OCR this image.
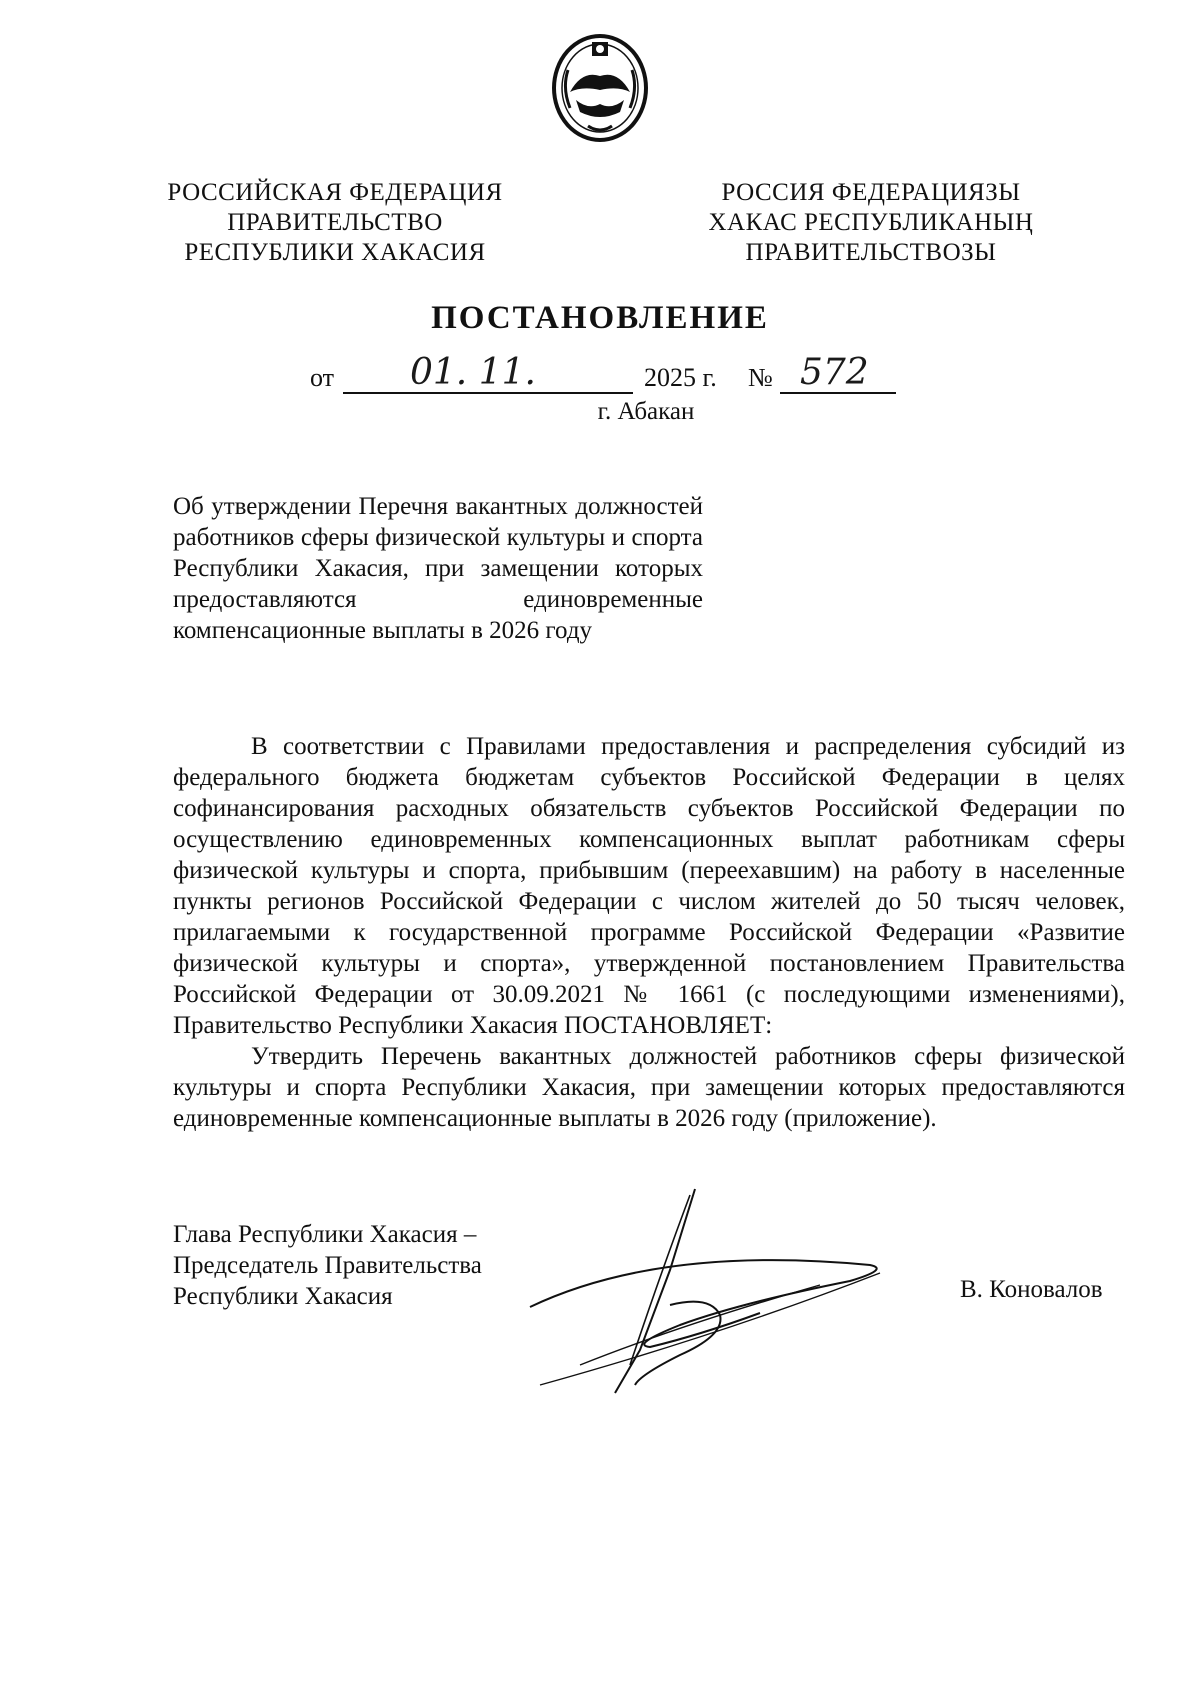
РОССИЙСКАЯ ФЕДЕРАЦИЯ
ПРАВИТЕЛЬСТВО
РЕСПУБЛИКИ ХАКАСИЯ
РОССИЯ ФЕДЕРАЦИЯЗЫ
ХАКАС РЕСПУБЛИКАНЫҢ
ПРАВИТЕЛЬСТВОЗЫ
ПОСТАНОВЛЕНИЕ
от 01. 11.	2025 г. № 572
г. Абакан
Об утверждении Перечня вакантных должностей работников сферы физической культуры и спорта Республики Хакасия, при замещении которых предоставляются единовременные компенсационные выплаты в 2026 году
В соответствии с Правилами предоставления и распределения субсидий из федерального бюджета бюджетам субъектов Российской Федерации в целях софинансирования расходных обязательств субъектов Российской Федерации по осуществлению единовременных компенсационных выплат работникам сферы физической культуры и спорта, прибывшим (переехавшим) на работу в населенные пункты регионов Российской Федерации с числом жителей до 50 тысяч человек, прилагаемыми к государственной программе Российской Федерации «Развитие физической культуры и спорта», утвержденной постановлением Правительства Российской Федерации от 30.09.2021 № 1661 (с последующими изменениями), Правительство Республики Хакасия ПОСТАНОВЛЯЕТ:
Утвердить Перечень вакантных должностей работников сферы физической культуры и спорта Республики Хакасия, при замещении которых предоставляются единовременные компенсационные выплаты в 2026 году (приложение).
Глава Республики Хакасия –
Председатель Правительства
Республики Хакасия	В. Коновалов
